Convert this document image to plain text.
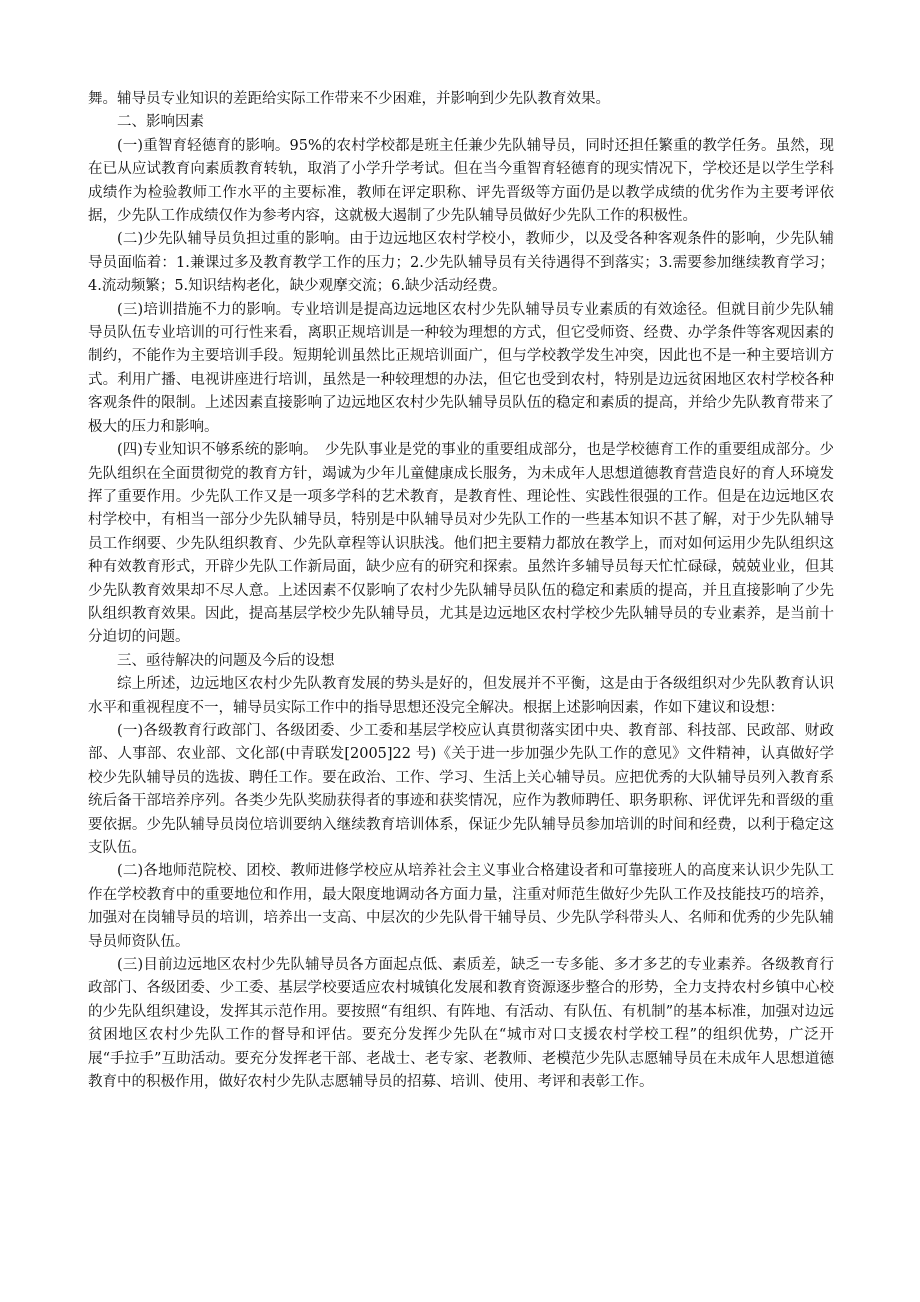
舞。辅导员专业知识的差距给实际工作带来不少困难，并影响到少先队教育效果。

二、影响因素

(一)重智育轻德育的影响。95%的农村学校都是班主任兼少先队辅导员，同时还担任繁重的教学任务。虽然，现在已从应试教育向素质教育转轨，取消了小学升学考试。但在当今重智育轻德育的现实情况下，学校还是以学生学科成绩作为检验教师工作水平的主要标准，教师在评定职称、评先晋级等方面仍是以教学成绩的优劣作为主要考评依据，少先队工作成绩仅作为参考内容，这就极大遏制了少先队辅导员做好少先队工作的积极性。

(二)少先队辅导员负担过重的影响。由于边远地区农村学校小，教师少，以及受各种客观条件的影响，少先队辅导员面临着：1.兼课过多及教育教学工作的压力；2.少先队辅导员有关待遇得不到落实；3.需要参加继续教育学习；4.流动频繁；5.知识结构老化，缺少观摩交流；6.缺少活动经费。

(三)培训措施不力的影响。专业培训是提高边远地区农村少先队辅导员专业素质的有效途径。但就目前少先队辅导员队伍专业培训的可行性来看，离职正规培训是一种较为理想的方式，但它受师资、经费、办学条件等客观因素的制约，不能作为主要培训手段。短期轮训虽然比正规培训面广，但与学校教学发生冲突，因此也不是一种主要培训方式。利用广播、电视讲座进行培训，虽然是一种较理想的办法，但它也受到农村，特别是边远贫困地区农村学校各种客观条件的限制。上述因素直接影响了边远地区农村少先队辅导员队伍的稳定和素质的提高，并给少先队教育带来了极大的压力和影响。

(四)专业知识不够系统的影响。　少先队事业是党的事业的重要组成部分，也是学校德育工作的重要组成部分。少先队组织在全面贯彻党的教育方针，竭诚为少年儿童健康成长服务，为未成年人思想道德教育营造良好的育人环境发挥了重要作用。少先队工作又是一项多学科的艺术教育，是教育性、理论性、实践性很强的工作。但是在边远地区农村学校中，有相当一部分少先队辅导员，特别是中队辅导员对少先队工作的一些基本知识不甚了解，对于少先队辅导员工作纲要、少先队组织教育、少先队章程等认识肤浅。他们把主要精力都放在教学上，而对如何运用少先队组织这种有效教育形式，开辟少先队工作新局面，缺少应有的研究和探索。虽然许多辅导员每天忙忙碌碌，兢兢业业，但其少先队教育效果却不尽人意。上述因素不仅影响了农村少先队辅导员队伍的稳定和素质的提高，并且直接影响了少先队组织教育效果。因此，提高基层学校少先队辅导员，尤其是边远地区农村学校少先队辅导员的专业素养，是当前十分迫切的问题。

三、亟待解决的问题及今后的设想

综上所述，边远地区农村少先队教育发展的势头是好的，但发展并不平衡，这是由于各级组织对少先队教育认识水平和重视程度不一，辅导员实际工作中的指导思想还没完全解决。根据上述影响因素，作如下建议和设想：

(一)各级教育行政部门、各级团委、少工委和基层学校应认真贯彻落实团中央、教育部、科技部、民政部、财政部、人事部、农业部、文化部(中青联发[2005]22 号)《关于进一步加强少先队工作的意见》文件精神，认真做好学校少先队辅导员的选拔、聘任工作。要在政治、工作、学习、生活上关心辅导员。应把优秀的大队辅导员列入教育系统后备干部培养序列。各类少先队奖励获得者的事迹和获奖情况，应作为教师聘任、职务职称、评优评先和晋级的重要依据。少先队辅导员岗位培训要纳入继续教育培训体系，保证少先队辅导员参加培训的时间和经费，以利于稳定这支队伍。

(二)各地师范院校、团校、教师进修学校应从培养社会主义事业合格建设者和可靠接班人的高度来认识少先队工作在学校教育中的重要地位和作用，最大限度地调动各方面力量，注重对师范生做好少先队工作及技能技巧的培养，加强对在岗辅导员的培训，培养出一支高、中层次的少先队骨干辅导员、少先队学科带头人、名师和优秀的少先队辅导员师资队伍。

(三)目前边远地区农村少先队辅导员各方面起点低、素质差，缺乏一专多能、多才多艺的专业素养。各级教育行政部门、各级团委、少工委、基层学校要适应农村城镇化发展和教育资源逐步整合的形势，全力支持农村乡镇中心校的少先队组织建设，发挥其示范作用。要按照“有组织、有阵地、有活动、有队伍、有机制”的基本标准，加强对边远贫困地区农村少先队工作的督导和评估。要充分发挥少先队在“城市对口支援农村学校工程”的组织优势，广泛开展“手拉手”互助活动。要充分发挥老干部、老战士、老专家、老教师、老模范少先队志愿辅导员在未成年人思想道德教育中的积极作用，做好农村少先队志愿辅导员的招募、培训、使用、考评和表彰工作。
